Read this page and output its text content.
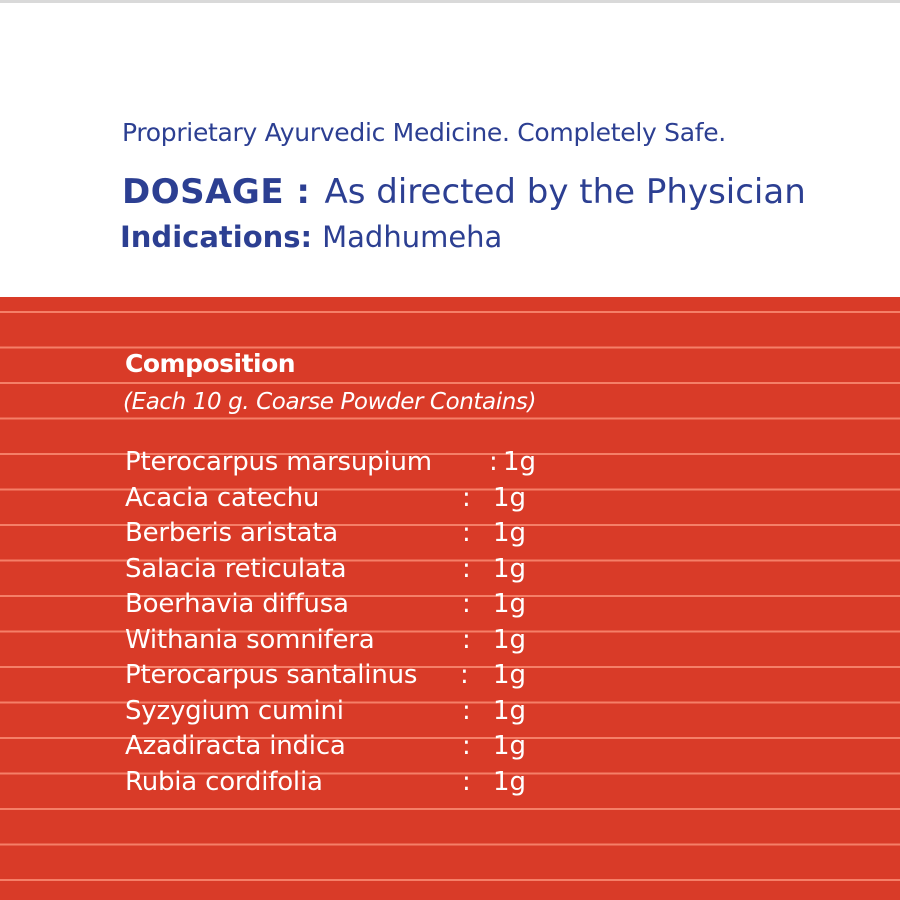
Proprietary Ayurvedic Medicine. Completely Safe.
DOSAGE : As directed by the Physician
Indications: Madhumeha
Composition
(Each 10 g. Coarse Powder Contains)
Pterocarpus marsupium : 1g
Acacia catechu	: 1g
Berberis aristata	: 1g
Salacia reticulata	: 1g
Boerhavia diffusa	: 1g
Withania somnifera	: 1g
Pterocarpus santalinus : 1g
Syzygium cumini	: 1g
Azadiracta indica	: 1g
Rubia cordifolia	: 1g
